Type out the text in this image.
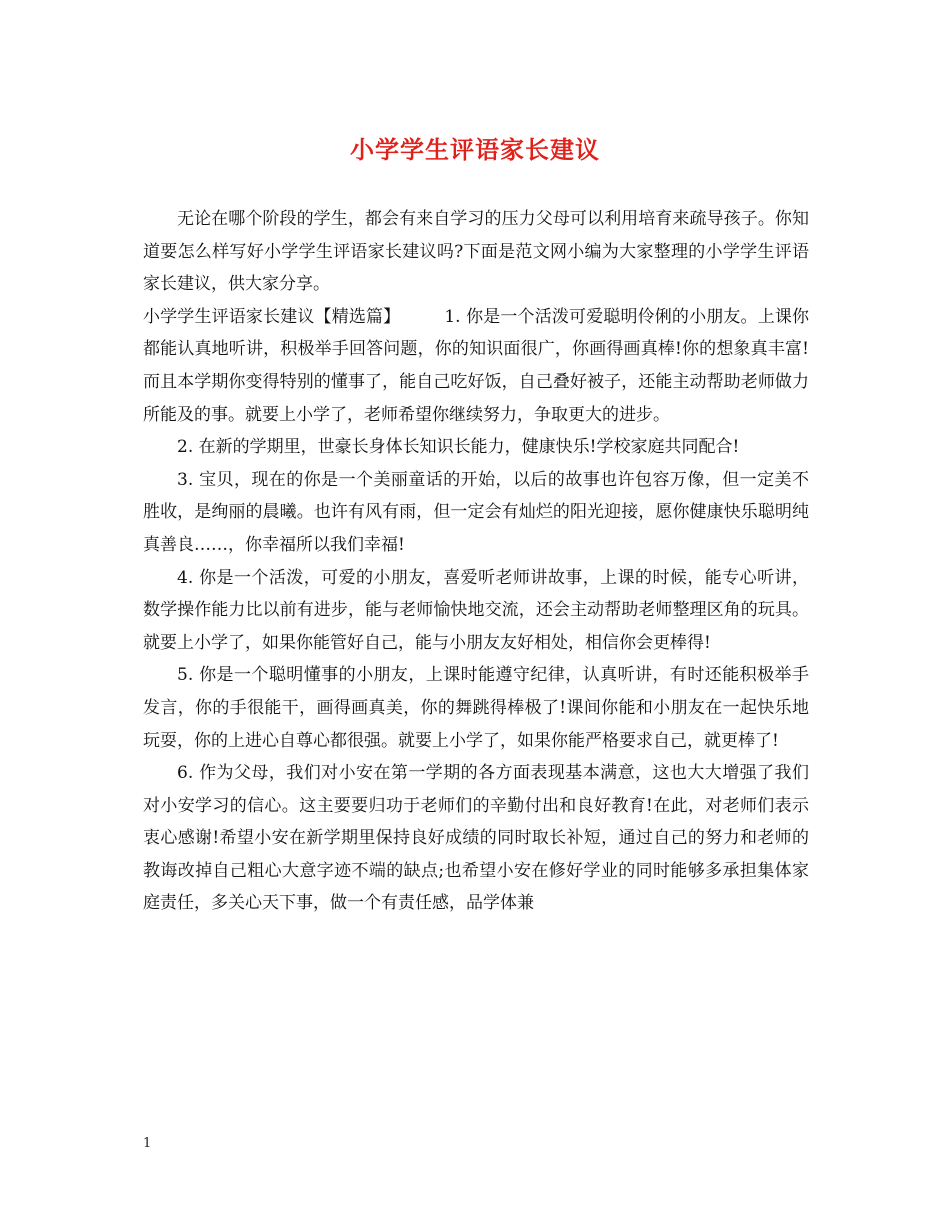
小学学生评语家长建议

无论在哪个阶段的学生，都会有来自学习的压力父母可以利用培育来疏导孩子。你知道要怎么样写好小学学生评语家长建议吗?下面是范文网小编为大家整理的小学学生评语家长建议，供大家分享。

小学学生评语家长建议【精选篇】	1. 你是一个活泼可爱聪明伶俐的小朋友。上课你都能认真地听讲，积极举手回答问题，你的知识面很广，你画得画真棒!你的想象真丰富!而且本学期你变得特别的懂事了，能自己吃好饭，自己叠好被子，还能主动帮助老师做力所能及的事。就要上小学了，老师希望你继续努力，争取更大的进步。

2. 在新的学期里，世豪长身体长知识长能力，健康快乐!学校家庭共同配合!

3. 宝贝，现在的你是一个美丽童话的开始，以后的故事也许包容万像，但一定美不胜收，是绚丽的晨曦。也许有风有雨，但一定会有灿烂的阳光迎接，愿你健康快乐聪明纯真善良……，你幸福所以我们幸福!

4. 你是一个活泼，可爱的小朋友，喜爱听老师讲故事，上课的时候，能专心听讲，数学操作能力比以前有进步，能与老师愉快地交流，还会主动帮助老师整理区角的玩具。就要上小学了，如果你能管好自己，能与小朋友友好相处，相信你会更棒得!

5. 你是一个聪明懂事的小朋友，上课时能遵守纪律，认真听讲，有时还能积极举手发言，你的手很能干，画得画真美，你的舞跳得棒极了!课间你能和小朋友在一起快乐地玩耍，你的上进心自尊心都很强。就要上小学了，如果你能严格要求自己，就更棒了!

6. 作为父母，我们对小安在第一学期的各方面表现基本满意，这也大大增强了我们对小安学习的信心。这主要要归功于老师们的辛勤付出和良好教育!在此，对老师们表示衷心感谢!希望小安在新学期里保持良好成绩的同时取长补短，通过自己的努力和老师的教诲改掉自己粗心大意字迹不端的缺点;也希望小安在修好学业的同时能够多承担集体家庭责任，多关心天下事，做一个有责任感，品学体兼

1
